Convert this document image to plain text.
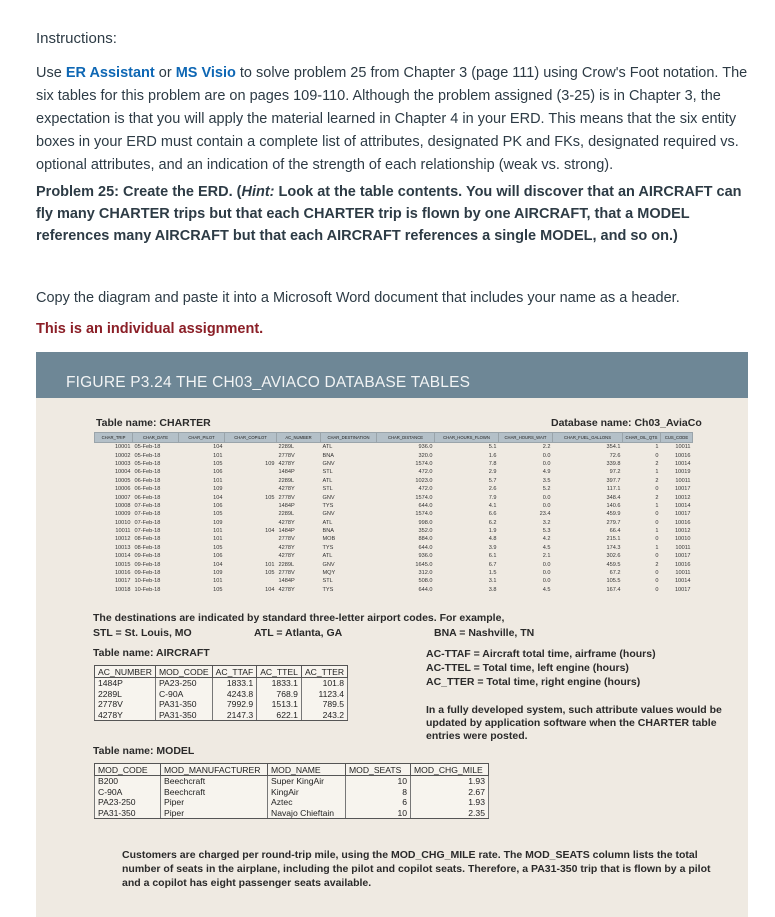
Instructions:
Use ER Assistant or MS Visio to solve problem 25 from Chapter 3 (page 111) using Crow's Foot notation. The six tables for this problem are on pages 109-110. Although the problem assigned (3-25) is in Chapter 3, the expectation is that you will apply the material learned in Chapter 4 in your ERD. This means that the six entity boxes in your ERD must contain a complete list of attributes, designated PK and FKs, designated required vs. optional attributes, and an indication of the strength of each relationship (weak vs. strong).
Problem 25: Create the ERD. (Hint: Look at the table contents. You will discover that an AIRCRAFT can fly many CHARTER trips but that each CHARTER trip is flown by one AIRCRAFT, that a MODEL references many AIRCRAFT but that each AIRCRAFT references a single MODEL, and so on.)
Copy the diagram and paste it into a Microsoft Word document that includes your name as a header.
This is an individual assignment.
FIGURE P3.24 THE CH03_AVIACO DATABASE TABLES
Table name: CHARTER	Database name: Ch03_AviaCo
CHAR_TRIP	CHAR_DATE	CHAR_PILOT	CHAR_COPILOT	AC_NUMBER	CHAR_DESTINATION	CHAR_DISTANCE	CHAR_HOURS_FLOWN	CHAR_HOURS_WAIT	CHAR_FUEL_GALLONS	CHAR_OIL_QTS	CUS_CODE
10001	05-Feb-18	104		2289L	ATL	936.0	5.1	2.2	354.1	1	10011
10002	05-Feb-18	101		2778V	BNA	320.0	1.6	0.0	72.6	0	10016
10003	05-Feb-18	105	109	4278Y	GNV	1574.0	7.8	0.0	339.8	2	10014
10004	06-Feb-18	106		1484P	STL	472.0	2.9	4.9	97.2	1	10019
10005	06-Feb-18	101		2289L	ATL	1023.0	5.7	3.5	397.7	2	10011
10006	06-Feb-18	109		4278Y	STL	472.0	2.6	5.2	117.1	0	10017
10007	06-Feb-18	104	105	2778V	GNV	1574.0	7.9	0.0	348.4	2	10012
10008	07-Feb-18	106		1484P	TYS	644.0	4.1	0.0	140.6	1	10014
10009	07-Feb-18	105		2289L	GNV	1574.0	6.6	23.4	459.9	0	10017
10010	07-Feb-18	109		4278Y	ATL	998.0	6.2	3.2	279.7	0	10016
10011	07-Feb-18	101	104	1484P	BNA	352.0	1.9	5.3	66.4	1	10012
10012	08-Feb-18	101		2778V	MOB	884.0	4.8	4.2	215.1	0	10010
10013	08-Feb-18	105		4278Y	TYS	644.0	3.9	4.5	174.3	1	10011
10014	09-Feb-18	106		4278Y	ATL	936.0	6.1	2.1	302.6	0	10017
10015	09-Feb-18	104	101	2289L	GNV	1645.0	6.7	0.0	459.5	2	10016
10016	09-Feb-18	109	105	2778V	MQY	312.0	1.5	0.0	67.2	0	10011
10017	10-Feb-18	101		1484P	STL	508.0	3.1	0.0	105.5	0	10014
10018	10-Feb-18	105	104	4278Y	TYS	644.0	3.8	4.5	167.4	0	10017
The destinations are indicated by standard three-letter airport codes. For example,
STL = St. Louis, MO	ATL = Atlanta, GA	BNA = Nashville, TN
Table name: AIRCRAFT
AC_NUMBER	MOD_CODE	AC_TTAF	AC_TTEL	AC_TTER
1484P	PA23-250	1833.1	1833.1	101.8
2289L	C-90A	4243.8	768.9	1123.4
2778V	PA31-350	7992.9	1513.1	789.5
4278Y	PA31-350	2147.3	622.1	243.2
AC-TTAF = Aircraft total time, airframe (hours)
AC-TTEL = Total time, left engine (hours)
AC_TTER = Total time, right engine (hours)
In a fully developed system, such attribute values would be updated by application software when the CHARTER table entries were posted.
Table name: MODEL
MOD_CODE	MOD_MANUFACTURER	MOD_NAME	MOD_SEATS	MOD_CHG_MILE
B200	Beechcraft	Super KingAir	10	1.93
C-90A	Beechcraft	KingAir	8	2.67
PA23-250	Piper	Aztec	6	1.93
PA31-350	Piper	Navajo Chieftain	10	2.35
Customers are charged per round-trip mile, using the MOD_CHG_MILE rate. The MOD_SEATS column lists the total number of seats in the airplane, including the pilot and copilot seats. Therefore, a PA31-350 trip that is flown by a pilot and a copilot has eight passenger seats available.
